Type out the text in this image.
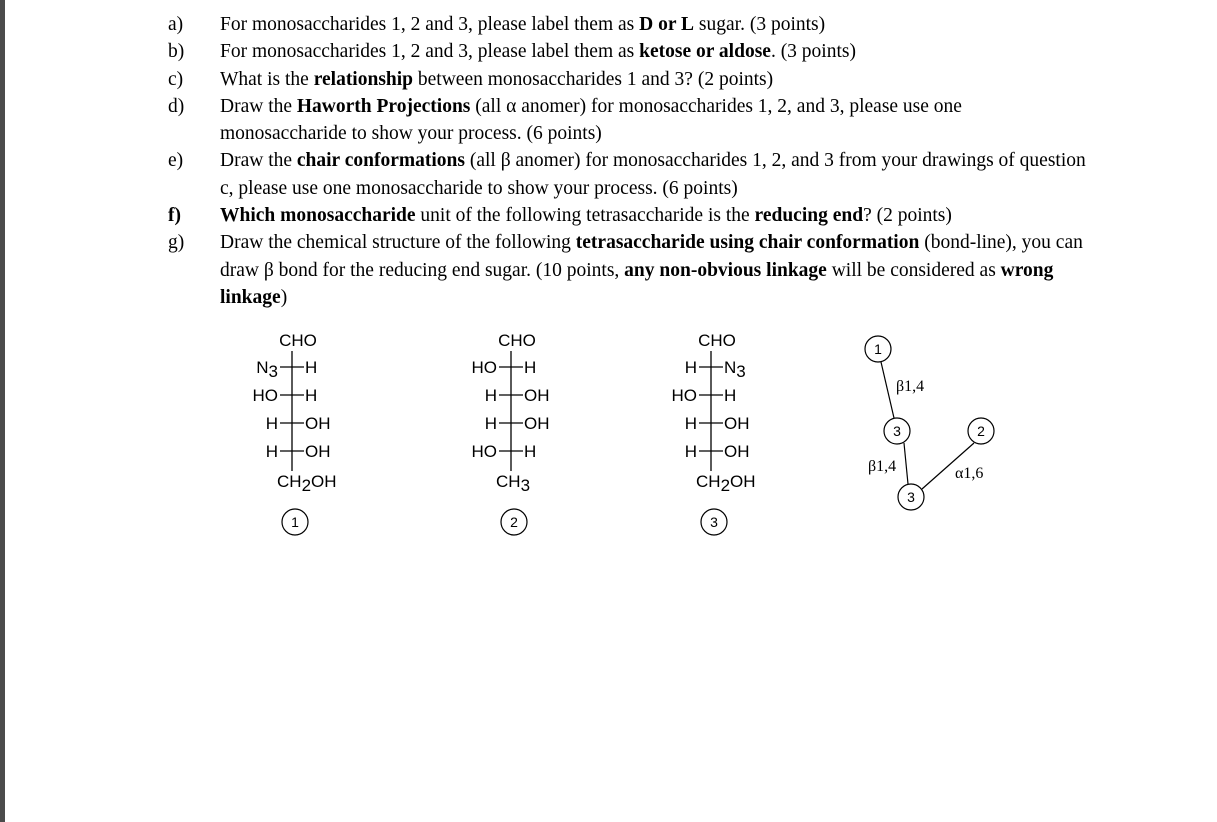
a)	For monosaccharides 1, 2 and 3, please label them as D or L sugar. (3 points)
b)	For monosaccharides 1, 2 and 3, please label them as ketose or aldose. (3 points)
c)	What is the relationship between monosaccharides 1 and 3? (2 points)
d)	Draw the Haworth Projections (all α anomer) for monosaccharides 1, 2, and 3, please use one monosaccharide to show your process. (6 points)
e)	Draw the chair conformations (all β anomer) for monosaccharides 1, 2, and 3 from your drawings of question c, please use one monosaccharide to show your process. (6 points)
f)	Which monosaccharide unit of the following tetrasaccharide is the reducing end? (2 points)
g)	Draw the chemical structure of the following tetrasaccharide using chair conformation (bond-line), you can draw β bond for the reducing end sugar. (10 points, any non-obvious linkage will be considered as wrong linkage)
CHO
N3 H
HO H
H OH
H OH
CH2OH
1
CHO
HO H
H OH
H OH
HO H
CH3
2
CHO
H N3
HO H
H OH
H OH
CH2OH
3
1
3	2
3
β1,4
β1,4	α1,6
